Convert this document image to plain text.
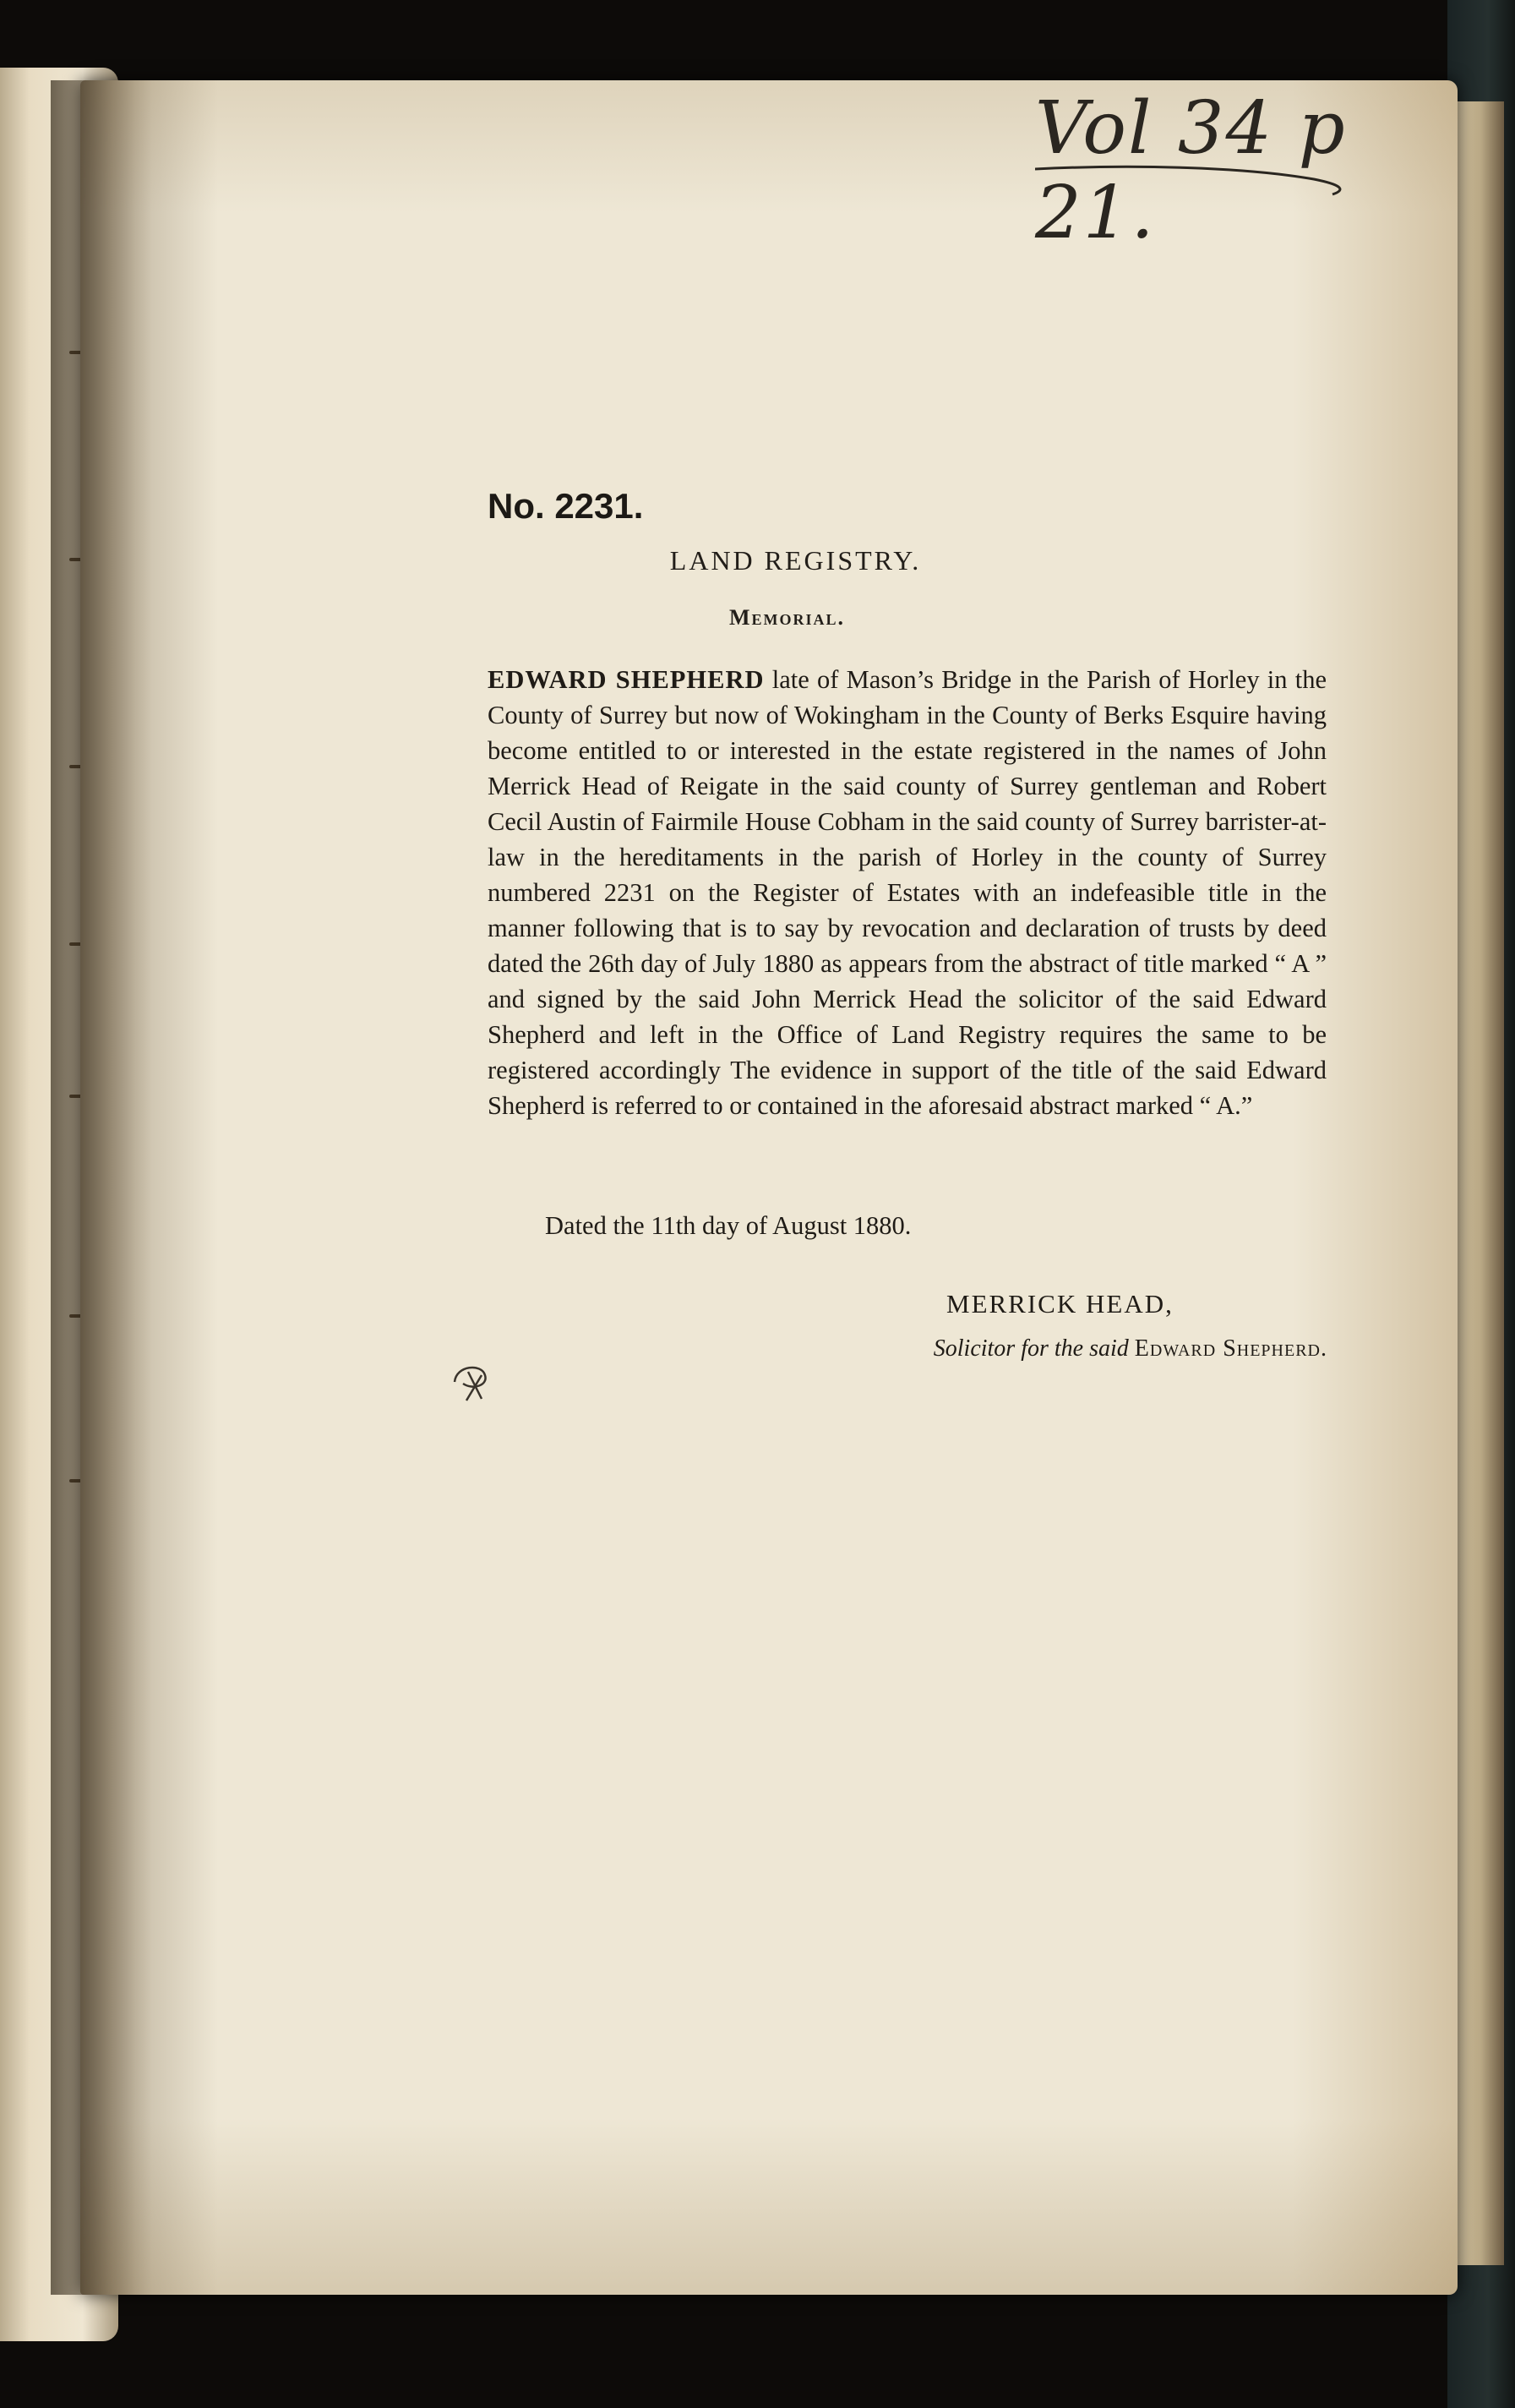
Vol 34 p 21.
No. 2231.
LAND REGISTRY.
Memorial.
EDWARD SHEPHERD late of Mason’s Bridge in the Parish of Horley in the County of Surrey but now of Wokingham in the County of Berks Esquire having become entitled to or interested in the estate registered in the names of John Merrick Head of Reigate in the said county of Surrey gentleman and Robert Cecil Austin of Fairmile House Cobham in the said county of Surrey barrister-at-law in the hereditaments in the parish of Horley in the county of Surrey numbered 2231 on the Register of Estates with an indefeasible title in the manner following that is to say by revocation and declaration of trusts by deed dated the 26th day of July 1880 as appears from the abstract of title marked “ A ” and signed by the said John Merrick Head the solicitor of the said Edward Shepherd and left in the Office of Land Registry requires the same to be registered accordingly The evidence in support of the title of the said Edward Shepherd is referred to or contained in the aforesaid abstract marked “ A.”
Dated the 11th day of August 1880.
MERRICK HEAD,
Solicitor for the said Edward Shepherd.
